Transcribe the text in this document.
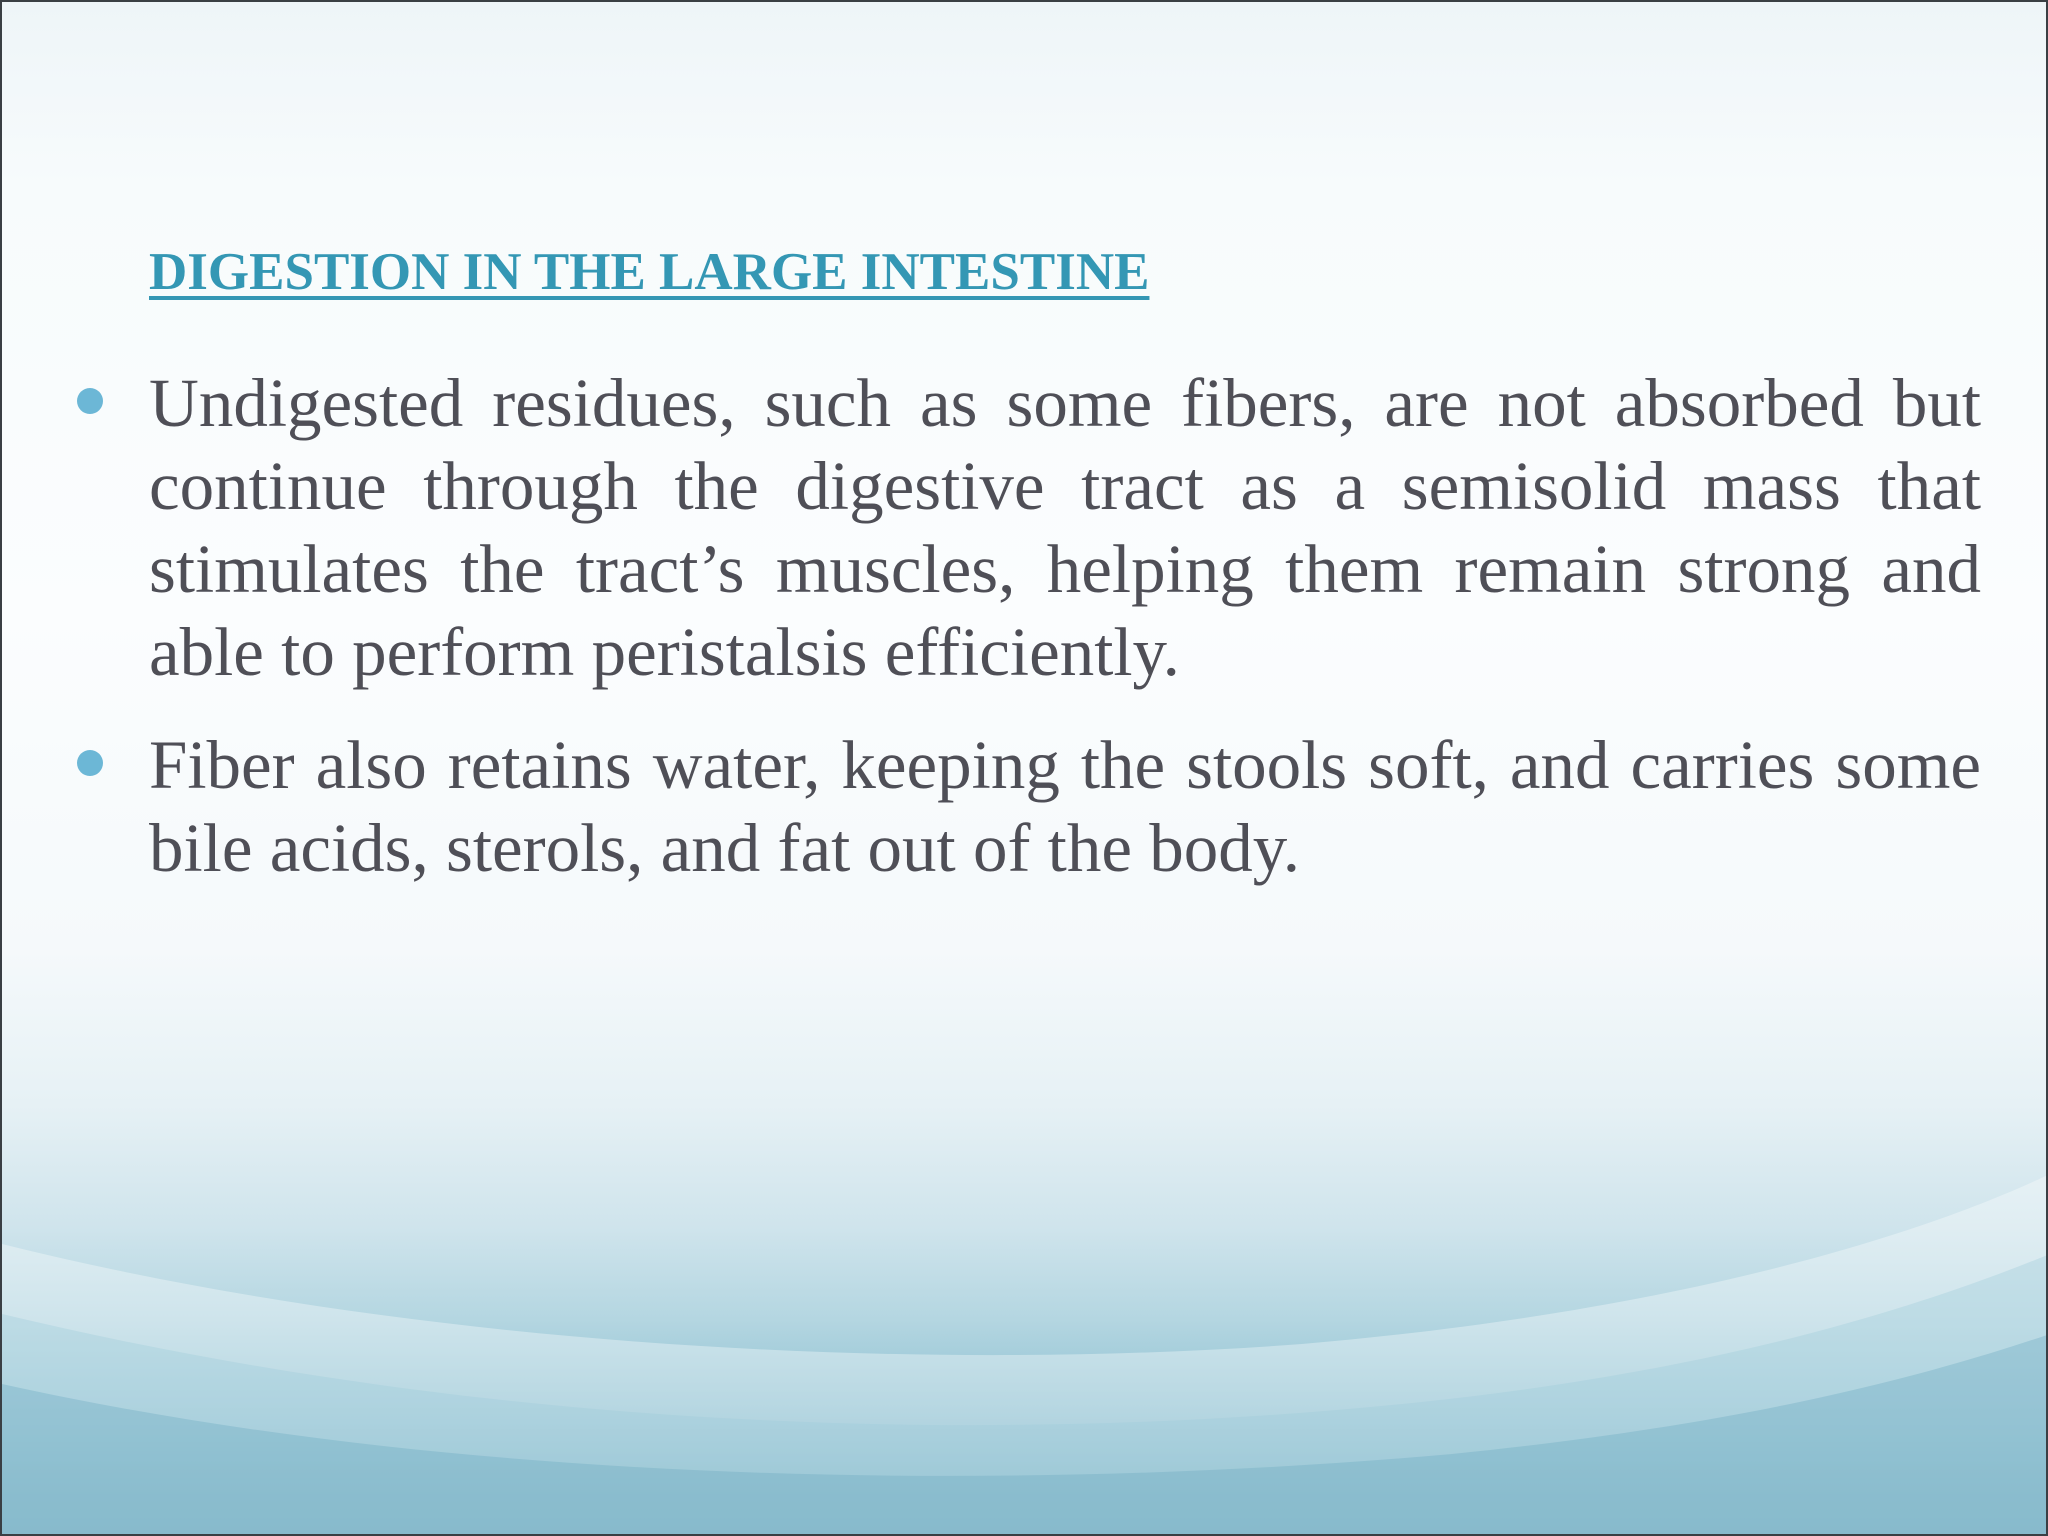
DIGESTION IN THE LARGE INTESTINE
Undigested residues, such as some fibers, are not absorbed but continue through the digestive tract as a semisolid mass that stimulates the tract’s muscles, helping them remain strong and able to perform peristalsis efficiently.
Fiber also retains water, keeping the stools soft, and carries some bile acids, sterols, and fat out of the body.
